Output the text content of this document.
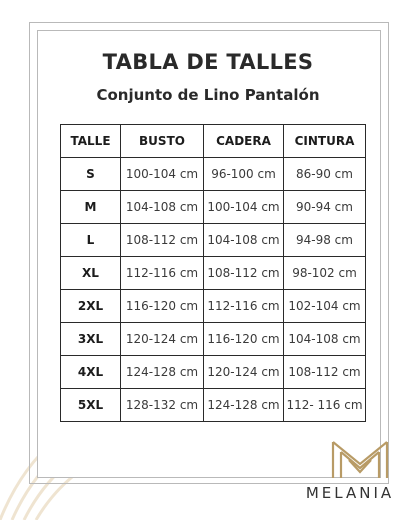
TABLA DE TALLES
Conjunto de Lino Pantalón
TALLE	BUSTO	CADERA	CINTURA
S	100-104 cm	96-100 cm	86-90 cm
M	104-108 cm	100-104 cm	90-94 cm
L	108-112 cm	104-108 cm	94-98 cm
XL	112-116 cm	108-112 cm	98-102 cm
2XL	116-120 cm	112-116 cm	102-104 cm
3XL	120-124 cm	116-120 cm	104-108 cm
4XL	124-128 cm	120-124 cm	108-112 cm
5XL	128-132 cm	124-128 cm	112- 116 cm
MELANIA
